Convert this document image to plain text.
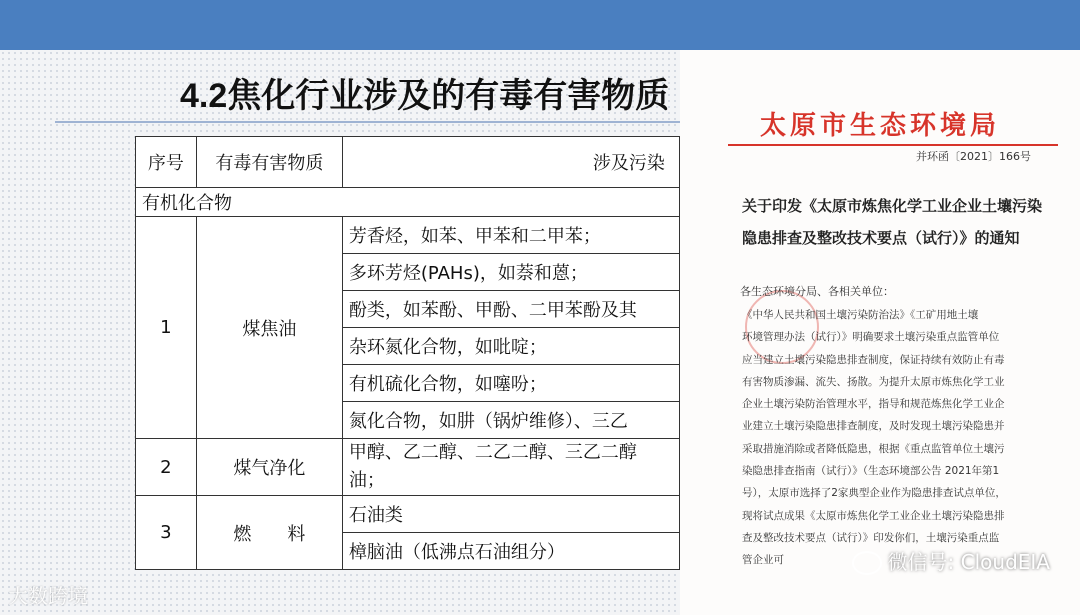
4.2焦化行业涉及的有毒有害物质
序号	有毒有害物质	涉及污染
有机化合物		
1	煤焦油	芳香烃，如苯、甲苯和二甲苯；
		多环芳烃(PAHs)，如萘和蒽；
		酚类，如苯酚、甲酚、二甲苯酚及其
		杂环氮化合物，如吡啶；
		有机硫化合物，如噻吩；
		氮化合物，如肼（锅炉维修）、三乙
2	煤气净化	甲醇、乙二醇、二乙二醇、三乙二醇
油；

3	燃　　料	石油类
		樟脑油（低沸点石油组分）
大数跨境
太原市生态环境局
并环函〔2021〕166号
关于印发《太原市炼焦化学工业企业土壤污染
隐患排查及整改技术要点（试行）》的通知
各生态环境分局、各相关单位：
《中华人民共和国土壤污染防治法》《工矿用地土壤
环境管理办法（试行）》明确要求土壤污染重点监管单位
应当建立土壤污染隐患排查制度，保证持续有效防止有毒
有害物质渗漏、流失、扬散。为提升太原市炼焦化学工业
企业土壤污染防治管理水平，指导和规范炼焦化学工业企
业建立土壤污染隐患排查制度，及时发现土壤污染隐患并
采取措施消除或者降低隐患，根据《重点监管单位土壤污
染隐患排查指南（试行）》（生态环境部公告 2021年第1
号），太原市选择了2家典型企业作为隐患排查试点单位，
现将试点成果《太原市炼焦化学工业企业土壤污染隐患排
查及整改技术要点（试行）》印发你们，土壤污染重点监
管企业可	微信号: CloudEIA
